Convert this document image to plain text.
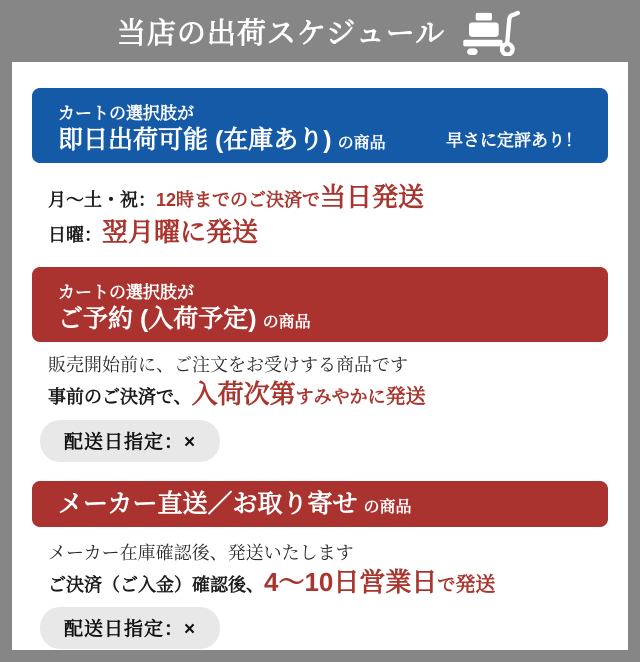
当店の出荷スケジュール
カートの選択肢が
即日出荷可能 (在庫あり) の商品	早さに定評あり！
月〜土・祝：12時までのご決済で当日発送
日曜：翌月曜に発送
カートの選択肢が
ご予約 (入荷予定) の商品
販売開始前に、ご注文をお受けする商品です
事前のご決済で、入荷次第すみやかに発送
配送日指定：×
メーカー直送／お取り寄せ の商品
メーカー在庫確認後、発送いたします
ご決済（ご入金）確認後、4〜10日営業日で発送
配送日指定：×
